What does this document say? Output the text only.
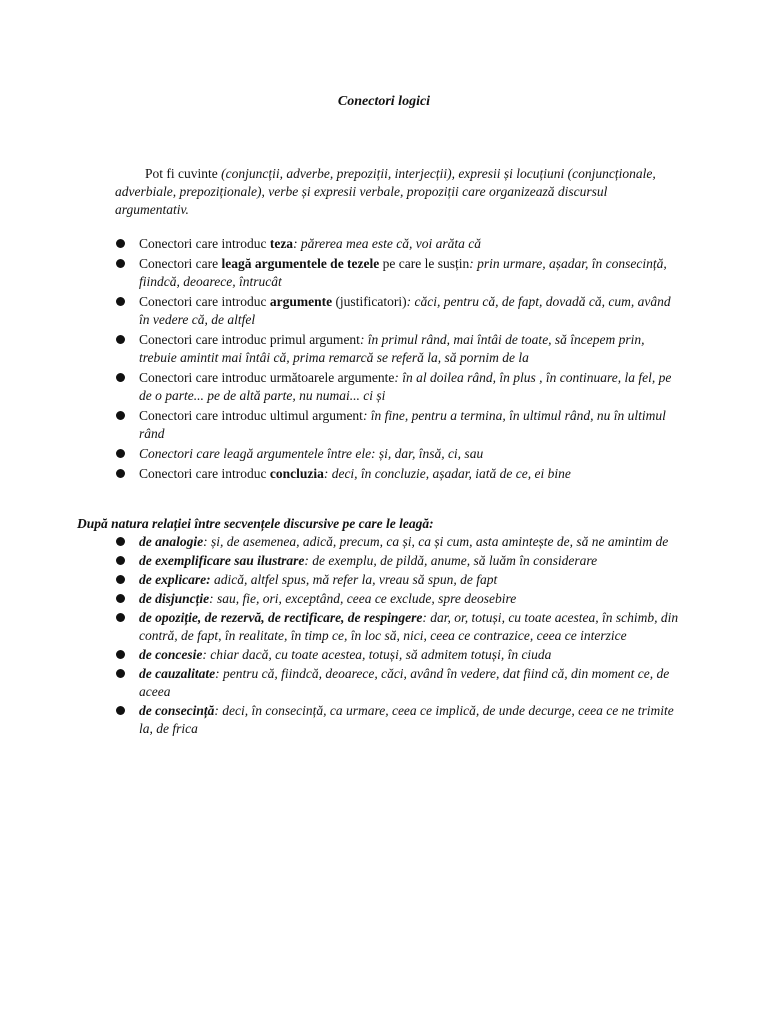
Conectori logici
Pot fi cuvinte (conjuncții, adverbe, prepoziții, interjecții), expresii și locuțiuni (conjuncționale, adverbiale, prepoziționale), verbe și expresii verbale, propoziții care organizează discursul argumentativ.
Conectori care introduc teza: părerea mea este că, voi arăta că
Conectori care leagă argumentele de tezele pe care le susțin: prin urmare, așadar, în consecință, fiindcă, deoarece, întrucât
Conectori care introduc argumente (justificatori): căci, pentru că, de fapt, dovadă că, cum, având în vedere că, de altfel
Conectori care introduc primul argument: în primul rând, mai întâi de toate, să începem prin, trebuie amintit mai întâi că, prima remarcă se referă la, să pornim de la
Conectori care introduc următoarele argumente: în al doilea rând, în plus , în continuare, la fel, pe de o parte... pe de altă parte, nu numai... ci și
Conectori care introduc ultimul argument: în fine, pentru a termina, în ultimul rând, nu în ultimul rând
Conectori care leagă argumentele între ele: și, dar, însă, ci, sau
Conectori care introduc concluzia: deci, în concluzie, așadar, iată de ce, ei bine
După natura relației între secvențele discursive pe care le leagă:
de analogie: și, de asemenea, adică, precum, ca și, ca și cum, asta amintește de, să ne amintim de
de exemplificare sau ilustrare: de exemplu, de pildă, anume, să luăm în considerare
de explicare: adică, altfel spus, mă refer la, vreau să spun, de fapt
de disjuncție: sau, fie, ori, exceptând, ceea ce exclude, spre deosebire
de opoziție, de rezervă, de rectificare, de respingere: dar, or, totuși, cu toate acestea, în schimb, din contră, de fapt, în realitate, în timp ce, în loc să, nici, ceea ce contrazice, ceea ce interzice
de concesie: chiar dacă, cu toate acestea, totuși, să admitem totuși, în ciuda
de cauzalitate: pentru că, fiindcă, deoarece, căci, având în vedere, dat fiind că, din moment ce, de aceea
de consecință: deci, în consecință, ca urmare, ceea ce implică, de unde decurge, ceea ce ne trimite la, de frica
